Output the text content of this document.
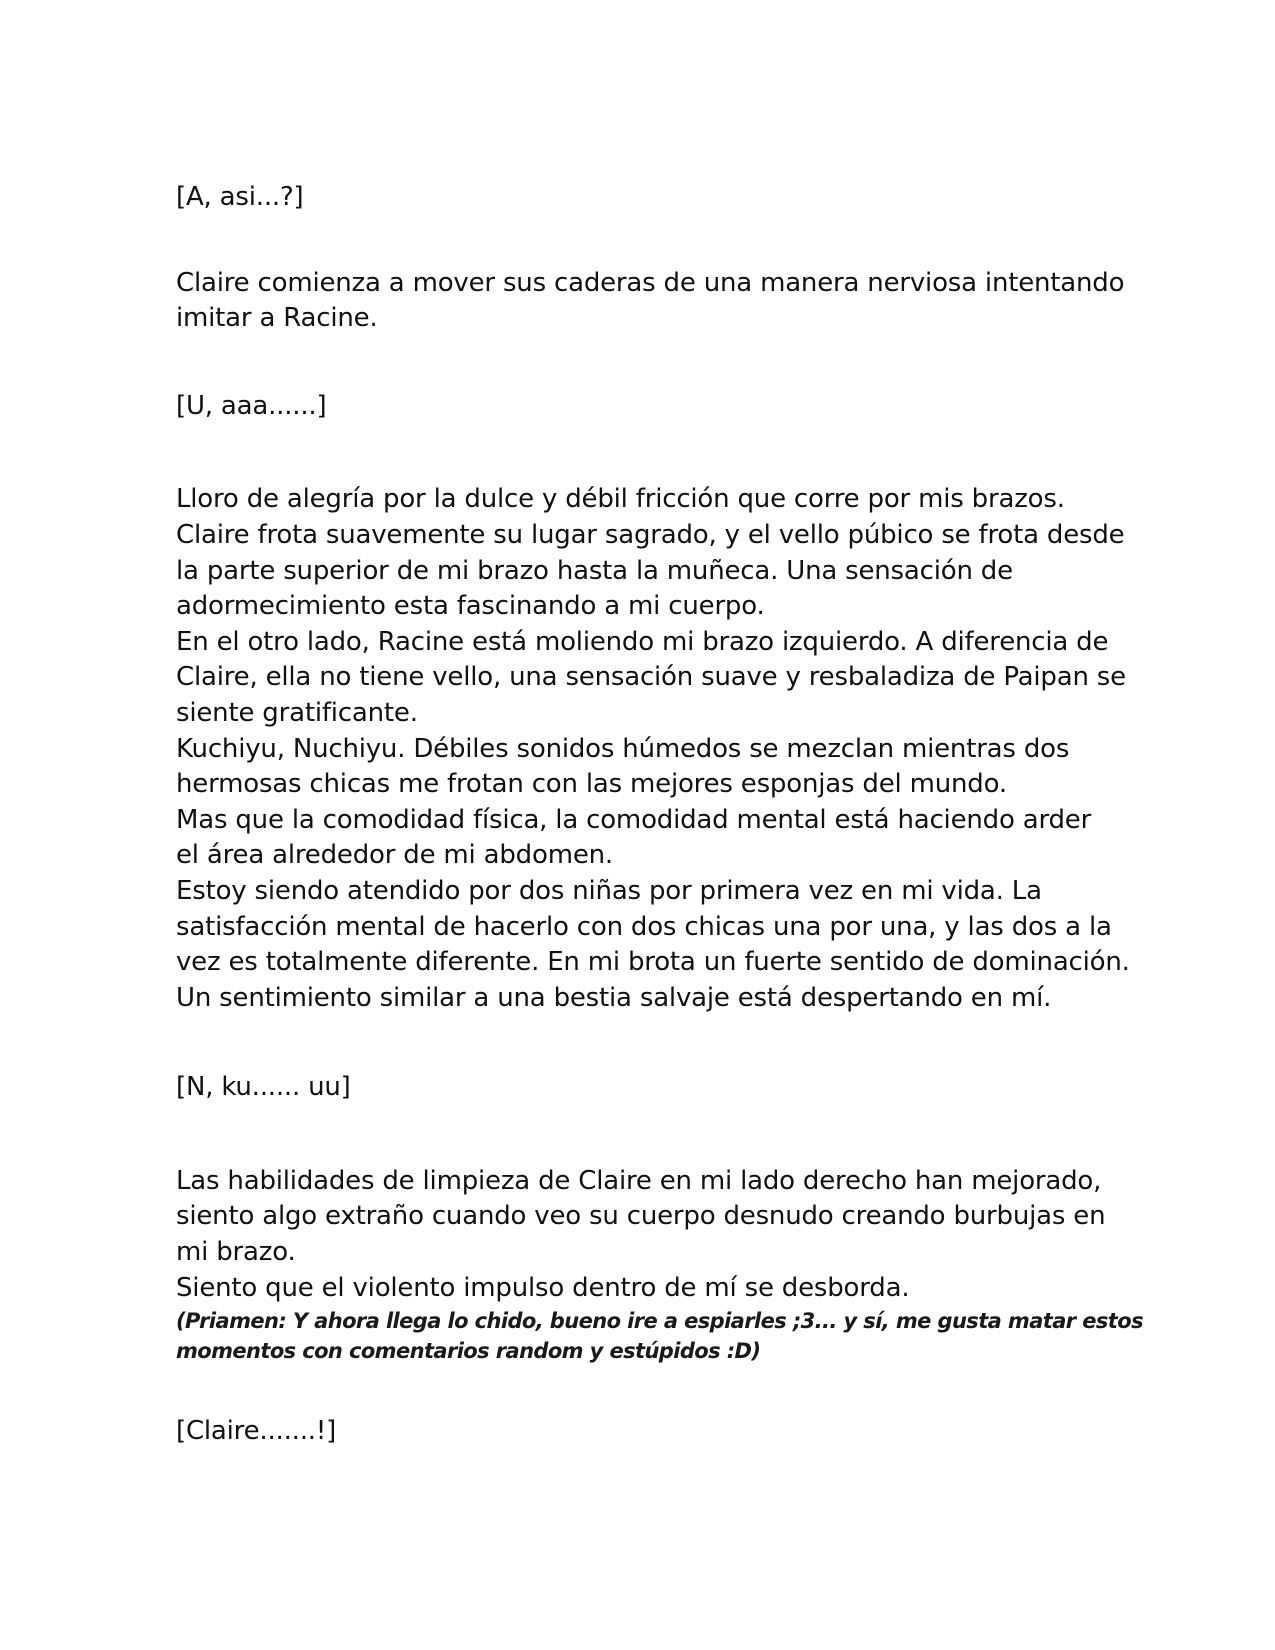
[A, asi...?]

Claire comienza a mover sus caderas de una manera nerviosa intentando

imitar a Racine.

[U, aaa......]

Lloro de alegría por la dulce y débil fricción que corre por mis brazos.

Claire frota suavemente su lugar sagrado, y el vello púbico se frota desde

la parte superior de mi brazo hasta la muñeca. Una sensación de

adormecimiento esta fascinando a mi cuerpo.

En el otro lado, Racine está moliendo mi brazo izquierdo. A diferencia de

Claire, ella no tiene vello, una sensación suave y resbaladiza de Paipan se

siente gratificante.

Kuchiyu, Nuchiyu. Débiles sonidos húmedos se mezclan mientras dos

hermosas chicas me frotan con las mejores esponjas del mundo.

Mas que la comodidad física, la comodidad mental está haciendo arder

el área alrededor de mi abdomen.

Estoy siendo atendido por dos niñas por primera vez en mi vida. La

satisfacción mental de hacerlo con dos chicas una por una, y las dos a la

vez es totalmente diferente. En mi brota un fuerte sentido de dominación.

Un sentimiento similar a una bestia salvaje está despertando en mí.

[N, ku...... uu]

Las habilidades de limpieza de Claire en mi lado derecho han mejorado,

siento algo extraño cuando veo su cuerpo desnudo creando burbujas en

mi brazo.

Siento que el violento impulso dentro de mí se desborda.

(Priamen: Y ahora llega lo chido, bueno ire a espiarles ;3... y sí, me gusta matar estos

momentos con comentarios random y estúpidos :D)

[Claire.......!]
